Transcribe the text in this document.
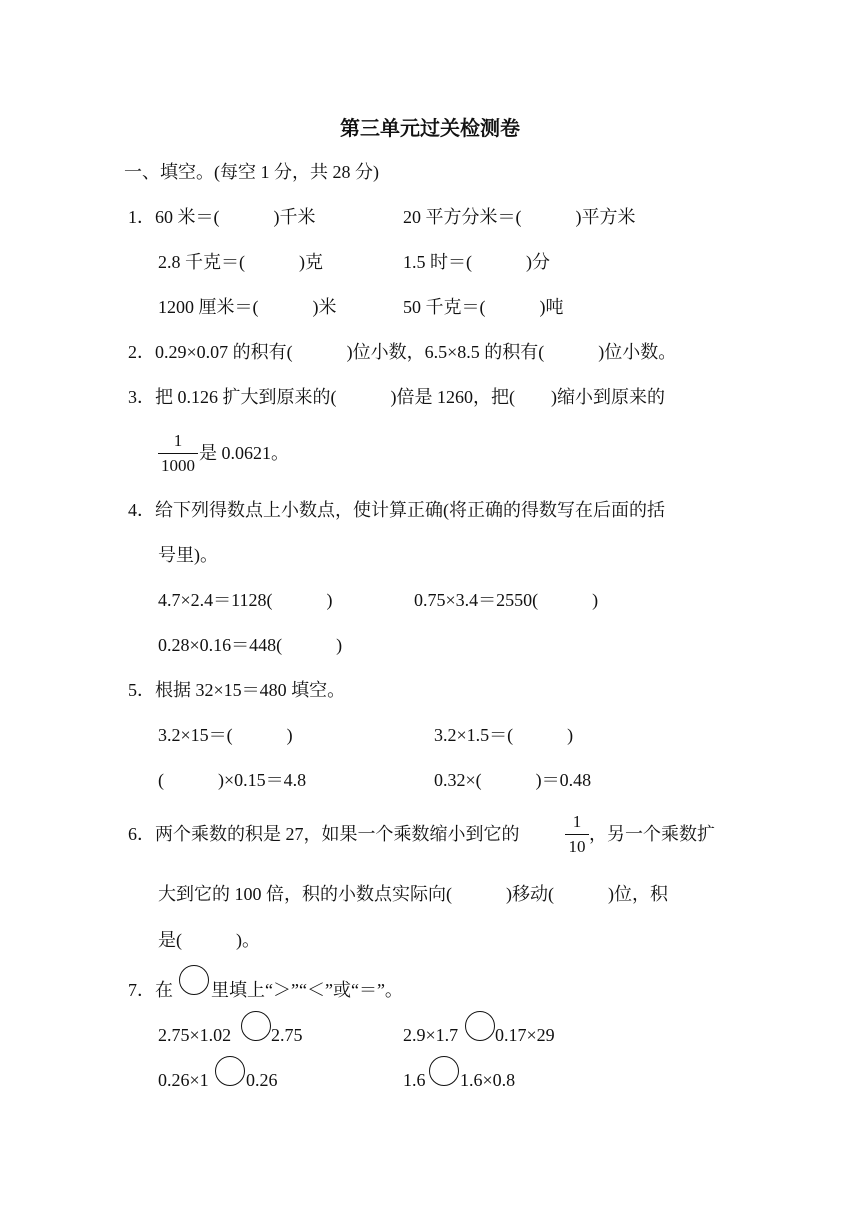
第三单元过关检测卷
一、填空。(每空 1 分，共 28 分)
1．60 米＝(　　　)千米	20 平方分米＝(　　　)平方米
2.8 千克＝(　　　)克	1.5 时＝(　　　)分
1200 厘米＝(　　　)米	50 千克＝(　　　)吨
2．0.29×0.07 的积有(　　　)位小数，6.5×8.5 的积有(　　　)位小数。
3．把 0.126 扩大到原来的(　　　)倍是 1260，把(　　)缩小到原来的
1
1000
是 0.0621。
4．给下列得数点上小数点，使计算正确(将正确的得数写在后面的括
号里)。
4.7×2.4＝1128(　　　)	0.75×3.4＝2550(　　　)
0.28×0.16＝448(　　　)
5．根据 32×15＝480 填空。
3.2×15＝(　　　)	3.2×1.5＝(　　　)
(　　　)×0.15＝4.8	0.32×(　　　)＝0.48
6．两个乘数的积是 27，如果一个乘数缩小到它的
1
10
，另一个乘数扩
大到它的 100 倍，积的小数点实际向(　　　)移动(　　　)位，积
是(　　　)。
7．在 里填上“＞”“＜”或“＝”。
2.75×1.02 2.75	2.9×1.7 0.17×29
0.26×1 0.26	1.6 1.6×0.8
